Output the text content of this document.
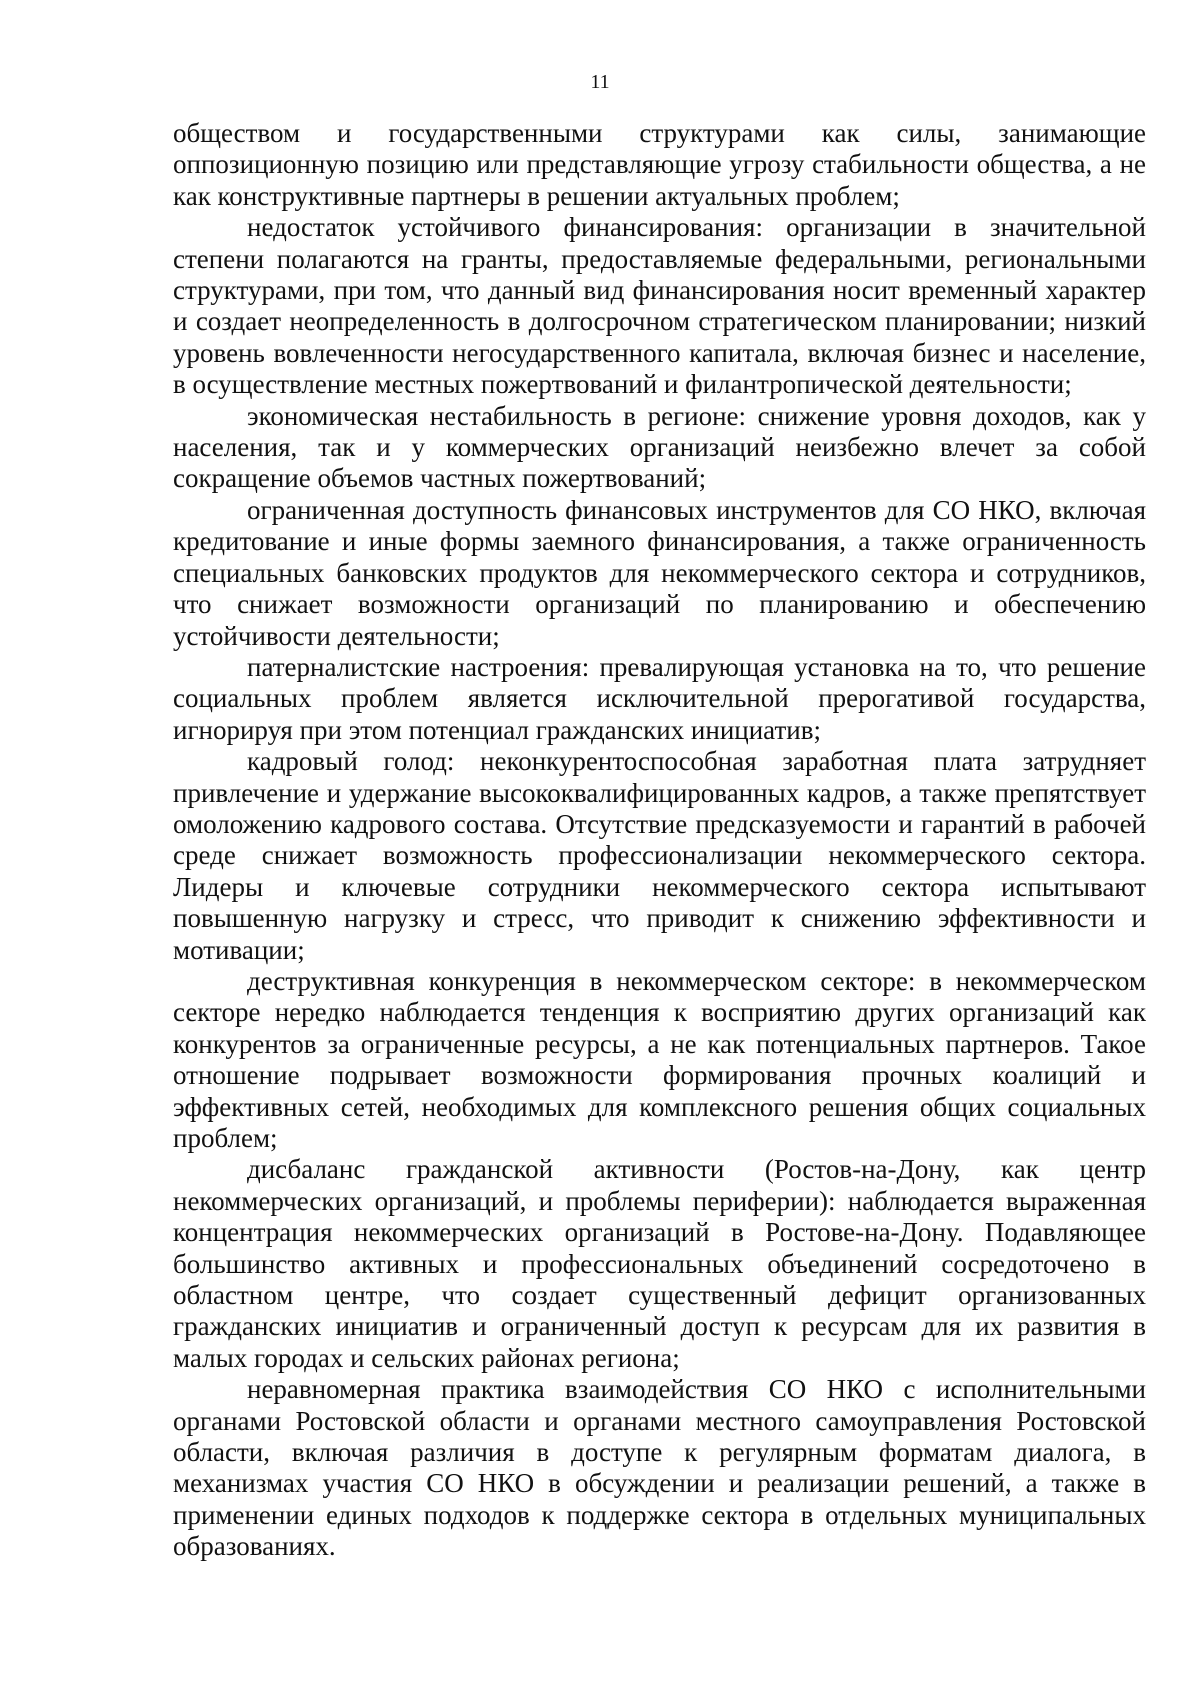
11

обществом и государственными структурами как силы, занимающие оппозиционную позицию или представляющие угрозу стабильности общества, а не как конструктивные партнеры в решении актуальных проблем;

недостаток устойчивого финансирования: организации в значительной степени полагаются на гранты, предоставляемые федеральными, региональными структурами, при том, что данный вид финансирования носит временный характер и создает неопределенность в долгосрочном стратегическом планировании; низкий уровень вовлеченности негосударственного капитала, включая бизнес и население, в осуществление местных пожертвований и филантропической деятельности;

экономическая нестабильность в регионе: снижение уровня доходов, как у населения, так и у коммерческих организаций неизбежно влечет за собой сокращение объемов частных пожертвований;

ограниченная доступность финансовых инструментов для СО НКО, включая кредитование и иные формы заемного финансирования, а также ограниченность специальных банковских продуктов для некоммерческого сектора и сотрудников, что снижает возможности организаций по планированию и обеспечению устойчивости деятельности;

патерналистские настроения: превалирующая установка на то, что решение социальных проблем является исключительной прерогативой государства, игнорируя при этом потенциал гражданских инициатив;

кадровый голод: неконкурентоспособная заработная плата затрудняет привлечение и удержание высококвалифицированных кадров, а также препятствует омоложению кадрового состава. Отсутствие предсказуемости и гарантий в рабочей среде снижает возможность профессионализации некоммерческого сектора. Лидеры и ключевые сотрудники некоммерческого сектора испытывают повышенную нагрузку и стресс, что приводит к снижению эффективности и мотивации;

деструктивная конкуренция в некоммерческом секторе: в некоммерческом секторе нередко наблюдается тенденция к восприятию других организаций как конкурентов за ограниченные ресурсы, а не как потенциальных партнеров. Такое отношение подрывает возможности формирования прочных коалиций и эффективных сетей, необходимых для комплексного решения общих социальных проблем;

дисбаланс гражданской активности (Ростов-на-Дону, как центр некоммерческих организаций, и проблемы периферии): наблюдается выраженная концентрация некоммерческих организаций в Ростове-на-Дону. Подавляющее большинство активных и профессиональных объединений сосредоточено в областном центре, что создает существенный дефицит организованных гражданских инициатив и ограниченный доступ к ресурсам для их развития в малых городах и сельских районах региона;

неравномерная практика взаимодействия СО НКО с исполнительными органами Ростовской области и органами местного самоуправления Ростовской области, включая различия в доступе к регулярным форматам диалога, в механизмах участия СО НКО в обсуждении и реализации решений, а также в применении единых подходов к поддержке сектора в отдельных муниципальных образованиях.
